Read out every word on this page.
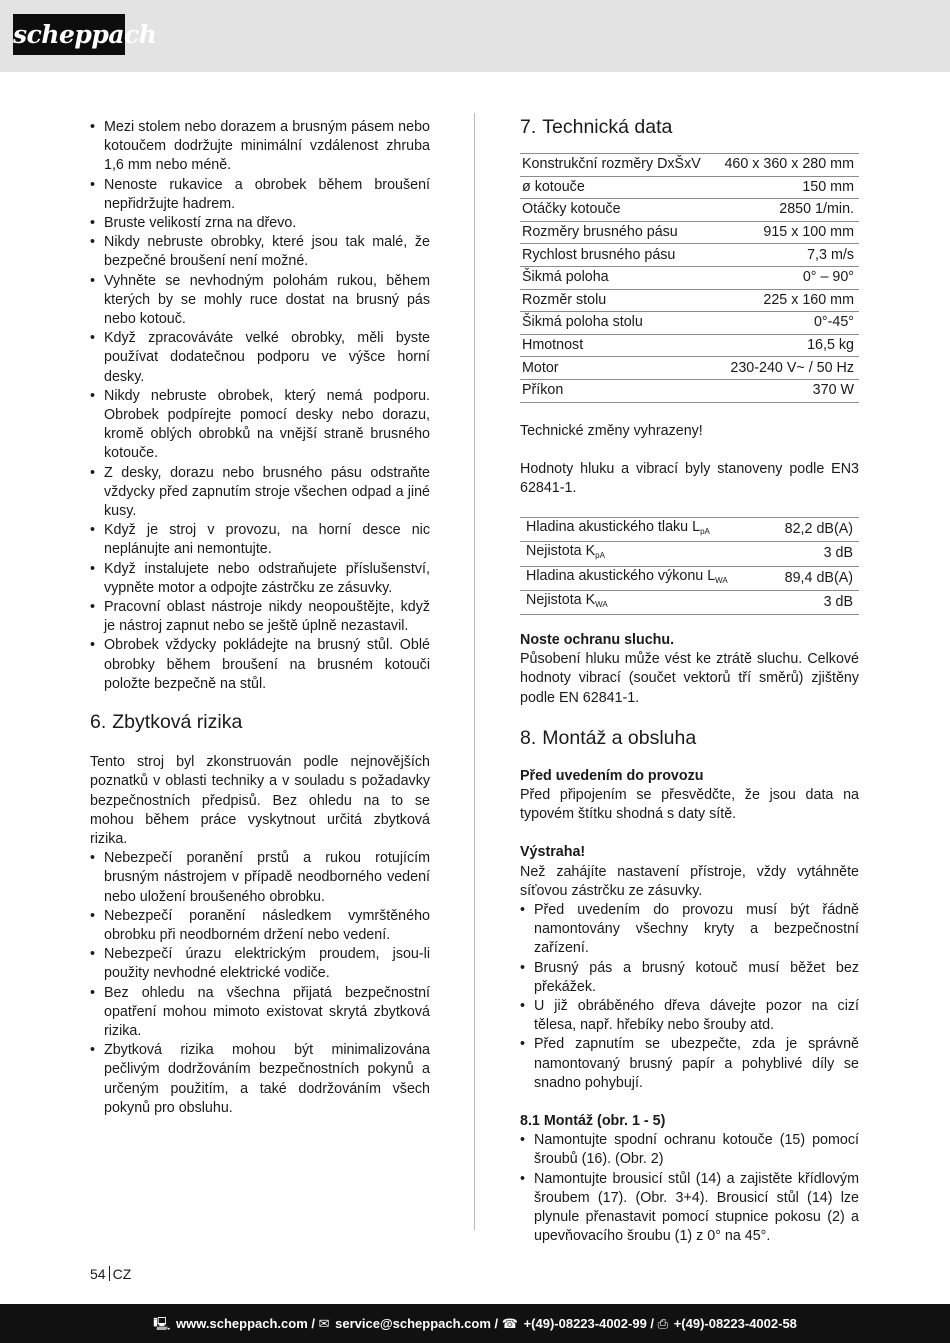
scheppach
• Mezi stolem nebo dorazem a brusným pásem nebo kotoučem dodržujte minimální vzdálenost zhruba 1,6 mm nebo méně.
• Nenoste rukavice a obrobek během broušení nepřidržujte hadrem.
• Bruste velikostí zrna na dřevo.
• Nikdy nebruste obrobky, které jsou tak malé, že bezpečné broušení není možné.
• Vyhněte se nevhodným polohám rukou, během kterých by se mohly ruce dostat na brusný pás nebo kotouč.
• Když zpracováváte velké obrobky, měli byste používat dodatečnou podporu ve výšce horní desky.
• Nikdy nebruste obrobek, který nemá podporu. Obrobek podpírejte pomocí desky nebo dorazu, kromě oblých obrobků na vnější straně brusného kotouče.
• Z desky, dorazu nebo brusného pásu odstraňte vždycky před zapnutím stroje všechen odpad a jiné kusy.
• Když je stroj v provozu, na horní desce nic neplánujte ani nemontujte.
• Když instalujete nebo odstraňujete příslušenství, vypněte motor a odpojte zástrčku ze zásuvky.
• Pracovní oblast nástroje nikdy neopouštějte, když je nástroj zapnut nebo se ještě úplně nezastavil.
• Obrobek vždycky pokládejte na brusný stůl. Oblé obrobky během broušení na brusném kotouči položte bezpečně na stůl.
6. Zbytková rizika

Tento stroj byl zkonstruován podle nejnovějších poznatků v oblasti techniky a v souladu s požadavky bezpečnostních předpisů. Bez ohledu na to se mohou během práce vyskytnout určitá zbytková rizika.

• Nebezpečí poranění prstů a rukou rotujícím brusným nástrojem v případě neodborného vedení nebo uložení broušeného obrobku.
• Nebezpečí poranění následkem vymrštěného obrobku při neodborném držení nebo vedení.
• Nebezpečí úrazu elektrickým proudem, jsou-li použity nevhodné elektrické vodiče.
• Bez ohledu na všechna přijatá bezpečnostní opatření mohou mimoto existovat skrytá zbytková rizika.
• Zbytková rizika mohou být minimalizována pečlivým dodržováním bezpečnostních pokynů a určeným použitím, a také dodržováním všech pokynů pro obsluhu.
7. Technická data
Konstrukční rozměry DxŠxV	460 x 360 x 280 mm
ø kotouče	150 mm
Otáčky kotouče	2850 1/min.
Rozměry brusného pásu	915 x 100 mm
Rychlost brusného pásu	7,3 m/s
Šikmá poloha	0° – 90°
Rozměr stolu	225 x 160 mm
Šikmá poloha stolu	0°-45°
Hmotnost	16,5 kg
Motor	230-240 V~ / 50 Hz
Příkon	370 W

Technické změny vyhrazeny!

Hodnoty hluku a vibrací byly stanoveny podle EN3 62841-1.

Hladina akustického tlaku $L_{pA}$	82,2 dB(A)
Nejistota $K_{pA}$	3 dB
Hladina akustického výkonu $L_{WA}$	89,4 dB(A)
Nejistota $K_{WA}$	3 dB

Noste ochranu sluchu.

Působení hluku může vést ke ztrátě sluchu. Celkové hodnoty vibrací (součet vektorů tří směrů) zjištěny podle EN 62841-1.

8. Montáž a obsluha

Před uvedením do provozu

Před připojením se přesvědčte, že jsou data na typovém štítku shodná s daty sítě.

Výstraha!

Než zahájíte nastavení přístroje, vždy vytáhněte síťovou zástrčku ze zásuvky.

• Před uvedením do provozu musí být řádně namontovány všechny kryty a bezpečnostní zařízení.
• Brusný pás a brusný kotouč musí běžet bez překážek.
• U již obráběného dřeva dávejte pozor na cizí tělesa, např. hřebíky nebo šrouby atd.
• Před zapnutím se ubezpečte, zda je správně namontovaný brusný papír a pohyblivé díly se snadno pohybují.

8.1 Montáž (obr. 1 - 5)

• Namontujte spodní ochranu kotouče (15) pomocí šroubů (16). (Obr. 2)
• Namontujte brousicí stůl (14) a zajistěte křídlovým šroubem (17). (Obr. 3+4). Brousicí stůl (14) lze plynule přenastavit pomocí stupnice pokosu (2) a upevňovacího šroubu (1) z 0° na 45°.
54 CZ
🖳 www.scheppach.com / ✉ service@scheppach.com / ☎ +(49)-08223-4002-99 / ⎙ +(49)-08223-4002-58
